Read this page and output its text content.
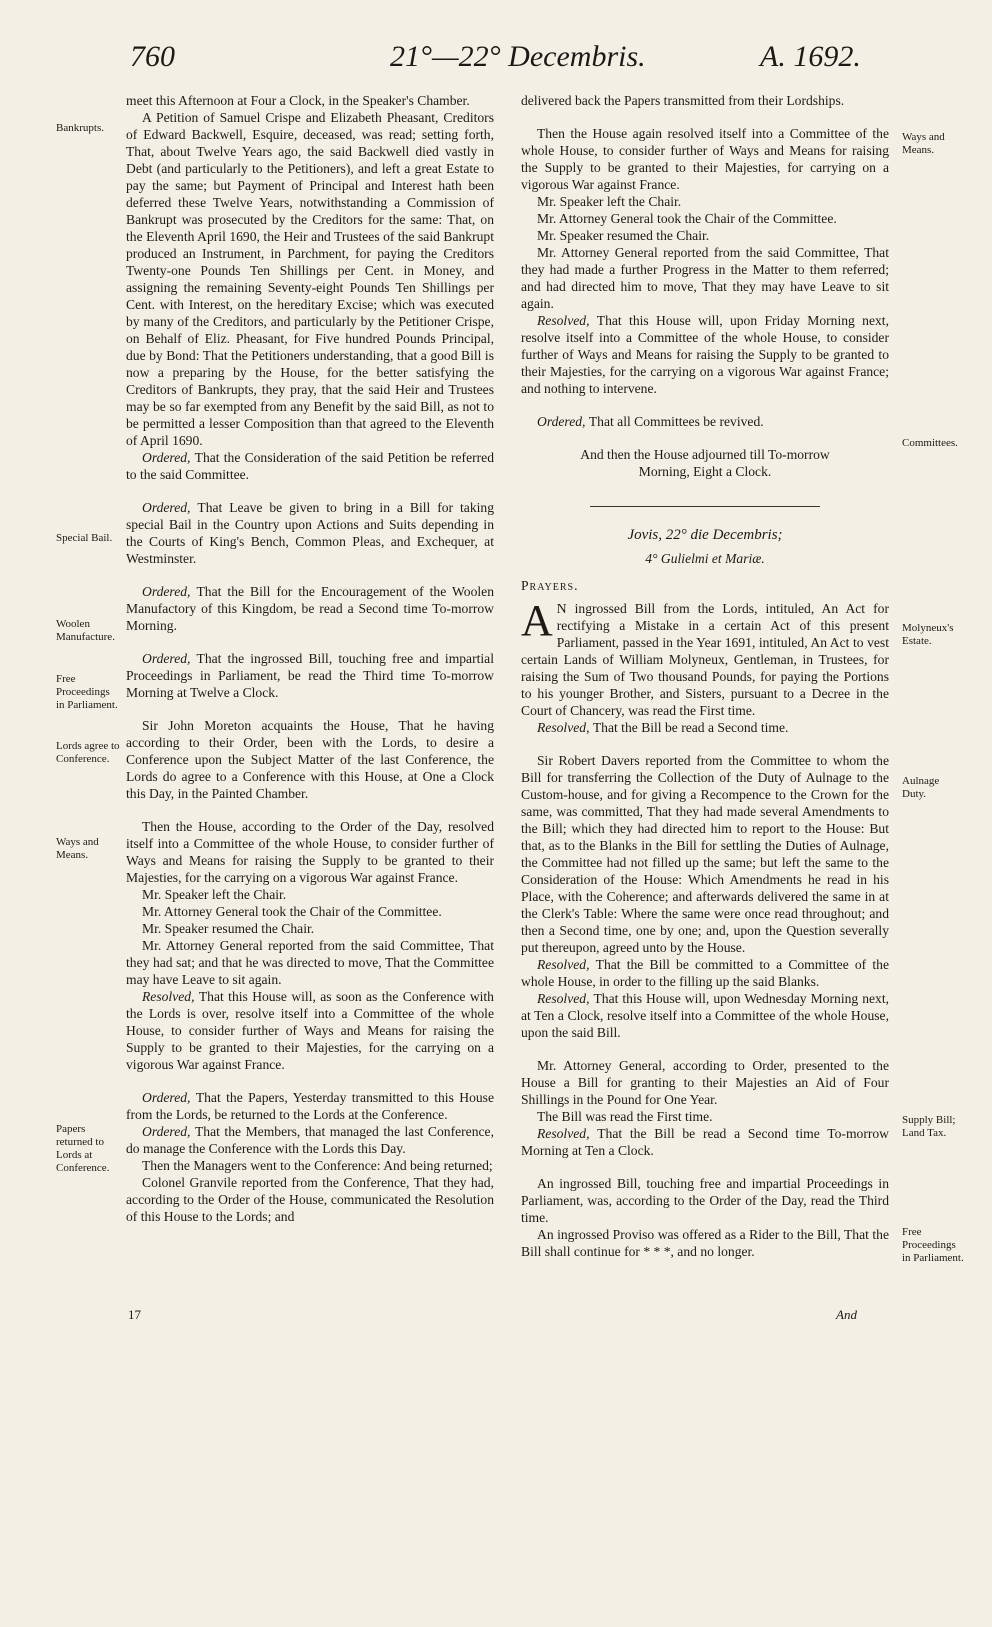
760	21°—22° Decembris.	A. 1692.
Bankrupts.
Special Bail.
Woolen Manufacture.
Free Proceedings in Parliament.
Lords agree to Conference.
Ways and Means.
Papers returned to Lords at Conference.
Ways and Means.
Committees.
Molyneux's Estate.
Aulnage Duty.
Supply Bill; Land Tax.
Free Proceedings in Parliament.

meet this Afternoon at Four a Clock, in the Speaker's Chamber.

A Petition of Samuel Crispe and Elizabeth Pheasant, Creditors of Edward Backwell, Esquire, deceased, was read; setting forth, That, about Twelve Years ago, the said Backwell died vastly in Debt (and particularly to the Petitioners), and left a great Estate to pay the same; but Payment of Principal and Interest hath been deferred these Twelve Years, notwithstanding a Commission of Bankrupt was prosecuted by the Creditors for the same: That, on the Eleventh April 1690, the Heir and Trustees of the said Bankrupt produced an Instrument, in Parchment, for paying the Creditors Twenty-one Pounds Ten Shillings per Cent. in Money, and assigning the remaining Seventy-eight Pounds Ten Shillings per Cent. with Interest, on the hereditary Excise; which was executed by many of the Creditors, and particularly by the Petitioner Crispe, on Behalf of Eliz. Pheasant, for Five hundred Pounds Principal, due by Bond: That the Petitioners understanding, that a good Bill is now a preparing by the House, for the better satisfying the Creditors of Bankrupts, they pray, that the said Heir and Trustees may be so far exempted from any Benefit by the said Bill, as not to be permitted a lesser Composition than that agreed to the Eleventh of April 1690.

Ordered, That the Consideration of the said Petition be referred to the said Committee.

Ordered, That Leave be given to bring in a Bill for taking special Bail in the Country upon Actions and Suits depending in the Courts of King's Bench, Common Pleas, and Exchequer, at Westminster.

Ordered, That the Bill for the Encouragement of the Woolen Manufactory of this Kingdom, be read a Second time To-morrow Morning.

Ordered, That the ingrossed Bill, touching free and impartial Proceedings in Parliament, be read the Third time To-morrow Morning at Twelve a Clock.

Sir John Moreton acquaints the House, That he having according to their Order, been with the Lords, to desire a Conference upon the Subject Matter of the last Conference, the Lords do agree to a Conference with this House, at One a Clock this Day, in the Painted Chamber.

Then the House, according to the Order of the Day, resolved itself into a Committee of the whole House, to consider further of Ways and Means for raising the Supply to be granted to their Majesties, for the carrying on a vigorous War against France.

Mr. Speaker left the Chair.

Mr. Attorney General took the Chair of the Committee.

Mr. Speaker resumed the Chair.

Mr. Attorney General reported from the said Committee, That they had sat; and that he was directed to move, That the Committee may have Leave to sit again.

Resolved, That this House will, as soon as the Conference with the Lords is over, resolve itself into a Committee of the whole House, to consider further of Ways and Means for raising the Supply to be granted to their Majesties, for the carrying on a vigorous War against France.

Ordered, That the Papers, Yesterday transmitted to this House from the Lords, be returned to the Lords at the Conference.

Ordered, That the Members, that managed the last Conference, do manage the Conference with the Lords this Day.

Then the Managers went to the Conference: And being returned;

Colonel Granvile reported from the Conference, That they had, according to the Order of the House, communicated the Resolution of this House to the Lords; and

delivered back the Papers transmitted from their Lordships.

Then the House again resolved itself into a Committee of the whole House, to consider further of Ways and Means for raising the Supply to be granted to their Majesties, for carrying on a vigorous War against France.

Mr. Speaker left the Chair.

Mr. Attorney General took the Chair of the Committee.

Mr. Speaker resumed the Chair.

Mr. Attorney General reported from the said Committee, That they had made a further Progress in the Matter to them referred; and had directed him to move, That they may have Leave to sit again.

Resolved, That this House will, upon Friday Morning next, resolve itself into a Committee of the whole House, to consider further of Ways and Means for raising the Supply to be granted to their Majesties, for the carrying on a vigorous War against France; and nothing to intervene.

Ordered, That all Committees be revived.

And then the House adjourned till To-morrow Morning, Eight a Clock.

Jovis, 22° die Decembris;

4° Gulielmi et Mariæ.

Prayers.

A N ingrossed Bill from the Lords, intituled, An Act for rectifying a Mistake in a certain Act of this present Parliament, passed in the Year 1691, intituled, An Act to vest certain Lands of William Molyneux, Gentleman, in Trustees, for raising the Sum of Two thousand Pounds, for paying the Portions to his younger Brother, and Sisters, pursuant to a Decree in the Court of Chancery, was read the First time.

Resolved, That the Bill be read a Second time.

Sir Robert Davers reported from the Committee to whom the Bill for transferring the Collection of the Duty of Aulnage to the Custom-house, and for giving a Recompence to the Crown for the same, was committed, That they had made several Amendments to the Bill; which they had directed him to report to the House: But that, as to the Blanks in the Bill for settling the Duties of Aulnage, the Committee had not filled up the same; but left the same to the Consideration of the House: Which Amendments he read in his Place, with the Coherence; and afterwards delivered the same in at the Clerk's Table: Where the same were once read throughout; and then a Second time, one by one; and, upon the Question severally put thereupon, agreed unto by the House.

Resolved, That the Bill be committed to a Committee of the whole House, in order to the filling up the said Blanks.

Resolved, That this House will, upon Wednesday Morning next, at Ten a Clock, resolve itself into a Committee of the whole House, upon the said Bill.

Mr. Attorney General, according to Order, presented to the House a Bill for granting to their Majesties an Aid of Four Shillings in the Pound for One Year.

The Bill was read the First time.

Resolved, That the Bill be read a Second time To-morrow Morning at Ten a Clock.

An ingrossed Bill, touching free and impartial Proceedings in Parliament, was, according to the Order of the Day, read the Third time.

An ingrossed Proviso was offered as a Rider to the Bill, That the Bill shall continue for * * *, and no longer.

17	And
